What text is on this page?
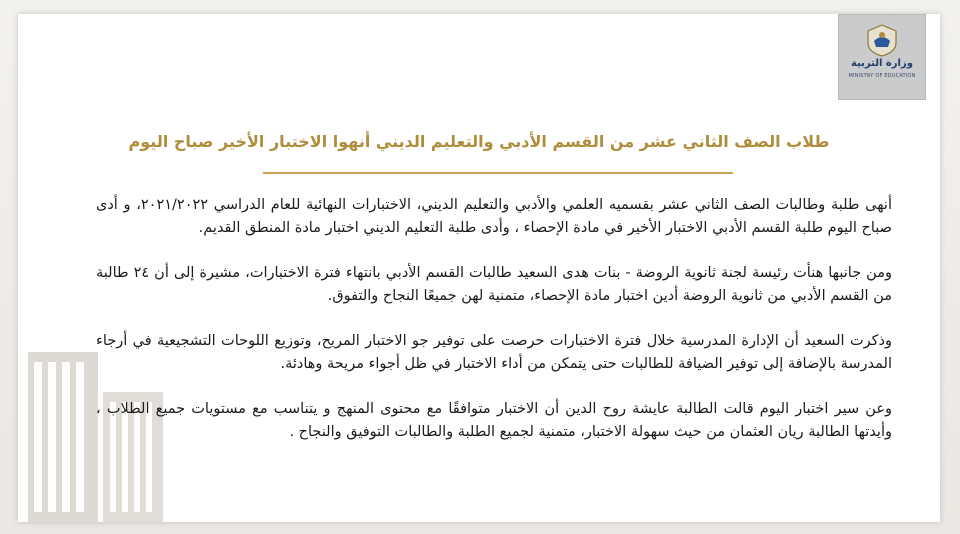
وزارة التربية
MINISTRY OF EDUCATION
طلاب الصف الثاني عشر من القسم الأدبي والتعليم الديني أنهوا الاختبار الأخير صباح اليوم

أنهى طلبة وطالبات الصف الثاني عشر بقسميه العلمي والأدبي والتعليم الديني، الاختبارات النهائية للعام الدراسي ٢٠٢١/٢٠٢٢، و أدى صباح اليوم طلبة القسم الأدبي الاختبار الأخير في مادة الإحصاء ، وأدى طلبة التعليم الديني اختبار مادة المنطق القديم.

ومن جانبها هنأت رئيسة لجنة ثانوية الروضة - بنات هدى السعيد طالبات القسم الأدبي بانتهاء فترة الاختبارات، مشيرة إلى أن ٢٤ طالبة من القسم الأدبي من ثانوية الروضة أدين اختبار مادة الإحصاء، متمنية لهن جميعًا النجاح والتفوق.

وذكرت السعيد أن الإدارة المدرسية خلال فترة الاختبارات حرصت على توفير جو الاختبار المريح، وتوزيع اللوحات التشجيعية في أرجاء المدرسة بالإضافة إلى توفير الضيافة للطالبات حتى يتمكن من أداء الاختبار في ظل أجواء مريحة وهادئة.

وعن سير اختبار اليوم قالت الطالبة عايشة روح الدين أن الاختبار متوافقًا مع محتوى المنهج و يتناسب مع مستويات جميع الطلاب ، وأيدتها الطالبة ريان العثمان من حيث سهولة الاختبار، متمنية لجميع الطلبة والطالبات التوفيق والنجاح .
